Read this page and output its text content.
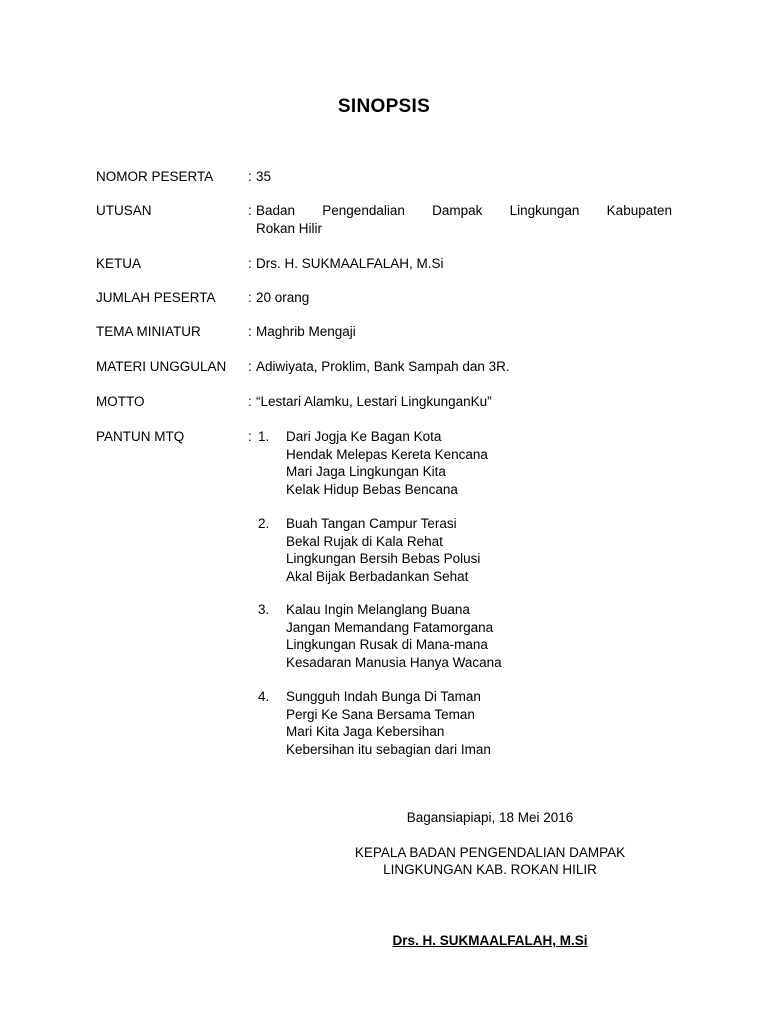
SINOPSIS
NOMOR PESERTA	: 35
UTUSAN	: Badan Pengendalian Dampak Lingkungan Kabupaten
Rokan Hilir
KETUA	: Drs. H. SUKMAALFALAH, M.Si
JUMLAH PESERTA	: 20 orang
TEMA MINIATUR	: Maghrib Mengaji
MATERI UNGGULAN	: Adiwiyata, Proklim, Bank Sampah dan 3R.
MOTTO	: “Lestari Alamku, Lestari LingkunganKu”
PANTUN MTQ	: 1. Dari Jogja Ke Bagan Kota
Hendak Melepas Kereta Kencana
Mari Jaga Lingkungan Kita
Kelak Hidup Bebas Bencana
2. Buah Tangan Campur Terasi
Bekal Rujak di Kala Rehat
Lingkungan Bersih Bebas Polusi
Akal Bijak Berbadankan Sehat
3. Kalau Ingin Melanglang Buana
Jangan Memandang Fatamorgana
Lingkungan Rusak di Mana-mana
Kesadaran Manusia Hanya Wacana
4. Sungguh Indah Bunga Di Taman
Pergi Ke Sana Bersama Teman
Mari Kita Jaga Kebersihan
Kebersihan itu sebagian dari Iman
Bagansiapiapi, 18 Mei 2016
KEPALA BADAN PENGENDALIAN DAMPAK
LINGKUNGAN KAB. ROKAN HILIR
Drs. H. SUKMAALFALAH, M.Si
